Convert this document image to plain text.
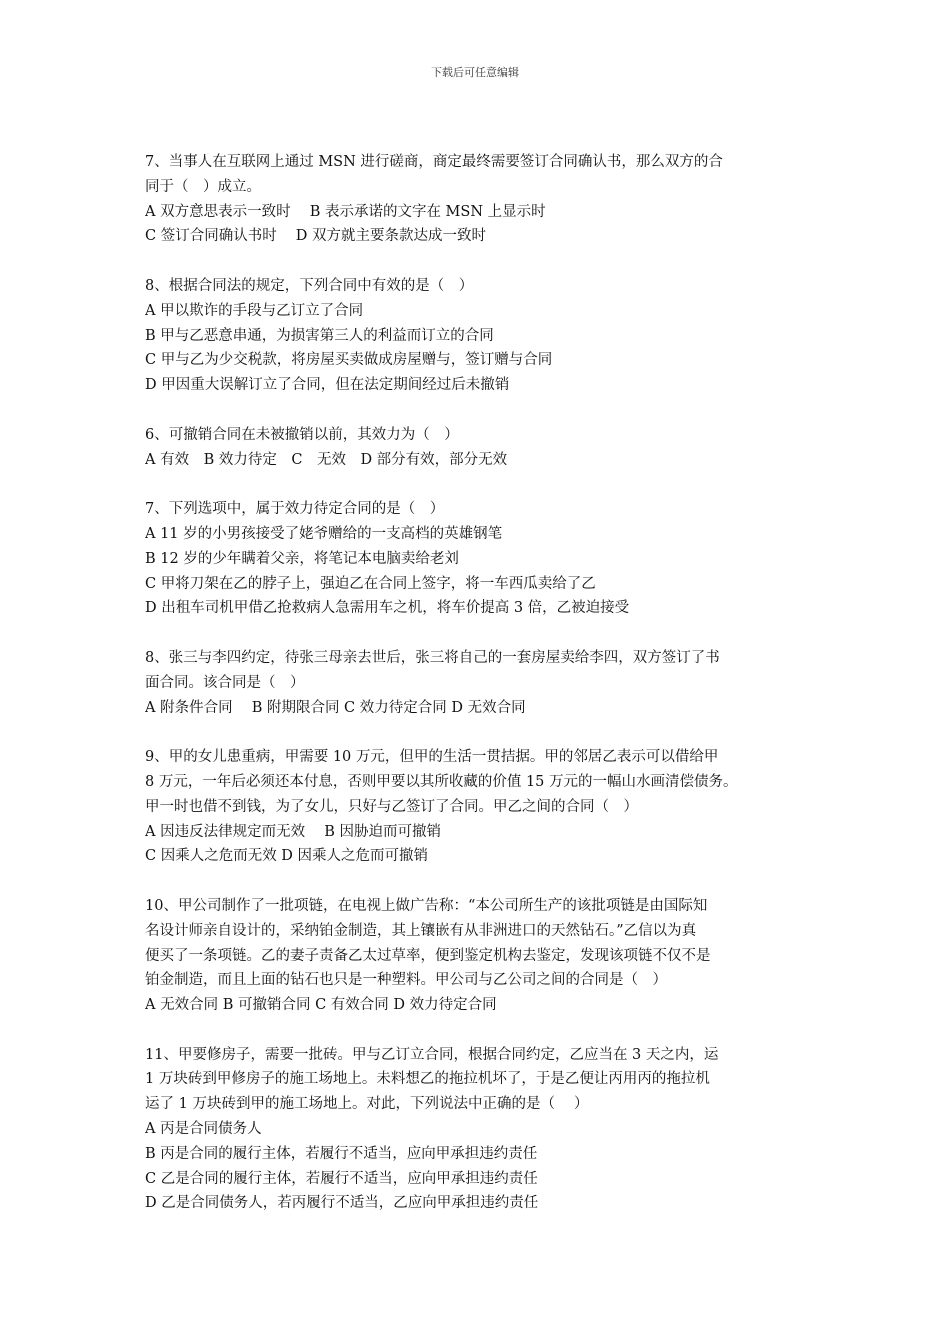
下载后可任意编辑
7、当事人在互联网上通过 MSN 进行磋商，商定最终需要签订合同确认书，那么双方的合
同于（　）成立。
A 双方意思表示一致时　 B 表示承诺的文字在 MSN 上显示时
C 签订合同确认书时　 D 双方就主要条款达成一致时
8、根据合同法的规定，下列合同中有效的是（　）
A 甲以欺诈的手段与乙订立了合同
B 甲与乙恶意串通，为损害第三人的利益而订立的合同
C 甲与乙为少交税款，将房屋买卖做成房屋赠与，签订赠与合同
D 甲因重大误解订立了合同，但在法定期间经过后未撤销
6、可撤销合同在未被撤销以前，其效力为（　）
A 有效　B 效力待定　C　无效　D 部分有效，部分无效
7、下列选项中，属于效力待定合同的是（　）
A 11 岁的小男孩接受了姥爷赠给的一支高档的英雄钢笔
B 12 岁的少年瞒着父亲，将笔记本电脑卖给老刘
C 甲将刀架在乙的脖子上，强迫乙在合同上签字，将一车西瓜卖给了乙
D 出租车司机甲借乙抢救病人急需用车之机，将车价提高 3 倍，乙被迫接受
8、张三与李四约定，待张三母亲去世后，张三将自己的一套房屋卖给李四，双方签订了书
面合同。该合同是（　）
A 附条件合同　 B 附期限合同 C 效力待定合同 D 无效合同
9、甲的女儿患重病，甲需要 10 万元，但甲的生活一贯拮据。甲的邻居乙表示可以借给甲
8 万元，一年后必须还本付息，否则甲要以其所收藏的价值 15 万元的一幅山水画清偿债务。
甲一时也借不到钱，为了女儿，只好与乙签订了合同。甲乙之间的合同（　）
A 因违反法律规定而无效　 B 因胁迫而可撤销
C 因乘人之危而无效 D 因乘人之危而可撤销
10、甲公司制作了一批项链，在电视上做广告称：“本公司所生产的该批项链是由国际知
名设计师亲自设计的，采纳铂金制造，其上镶嵌有从非洲进口的天然钻石。”乙信以为真
便买了一条项链。乙的妻子责备乙太过草率，便到鉴定机构去鉴定，发现该项链不仅不是
铂金制造，而且上面的钻石也只是一种塑料。甲公司与乙公司之间的合同是（　）
A 无效合同 B 可撤销合同 C 有效合同 D 效力待定合同
11、甲要修房子，需要一批砖。甲与乙订立合同，根据合同约定，乙应当在 3 天之内，运
1 万块砖到甲修房子的施工场地上。未料想乙的拖拉机坏了，于是乙便让丙用丙的拖拉机
运了 1 万块砖到甲的施工场地上。对此，下列说法中正确的是（　 ）
A 丙是合同债务人
B 丙是合同的履行主体，若履行不适当，应向甲承担违约责任
C 乙是合同的履行主体，若履行不适当，应向甲承担违约责任
D 乙是合同债务人，若丙履行不适当，乙应向甲承担违约责任
